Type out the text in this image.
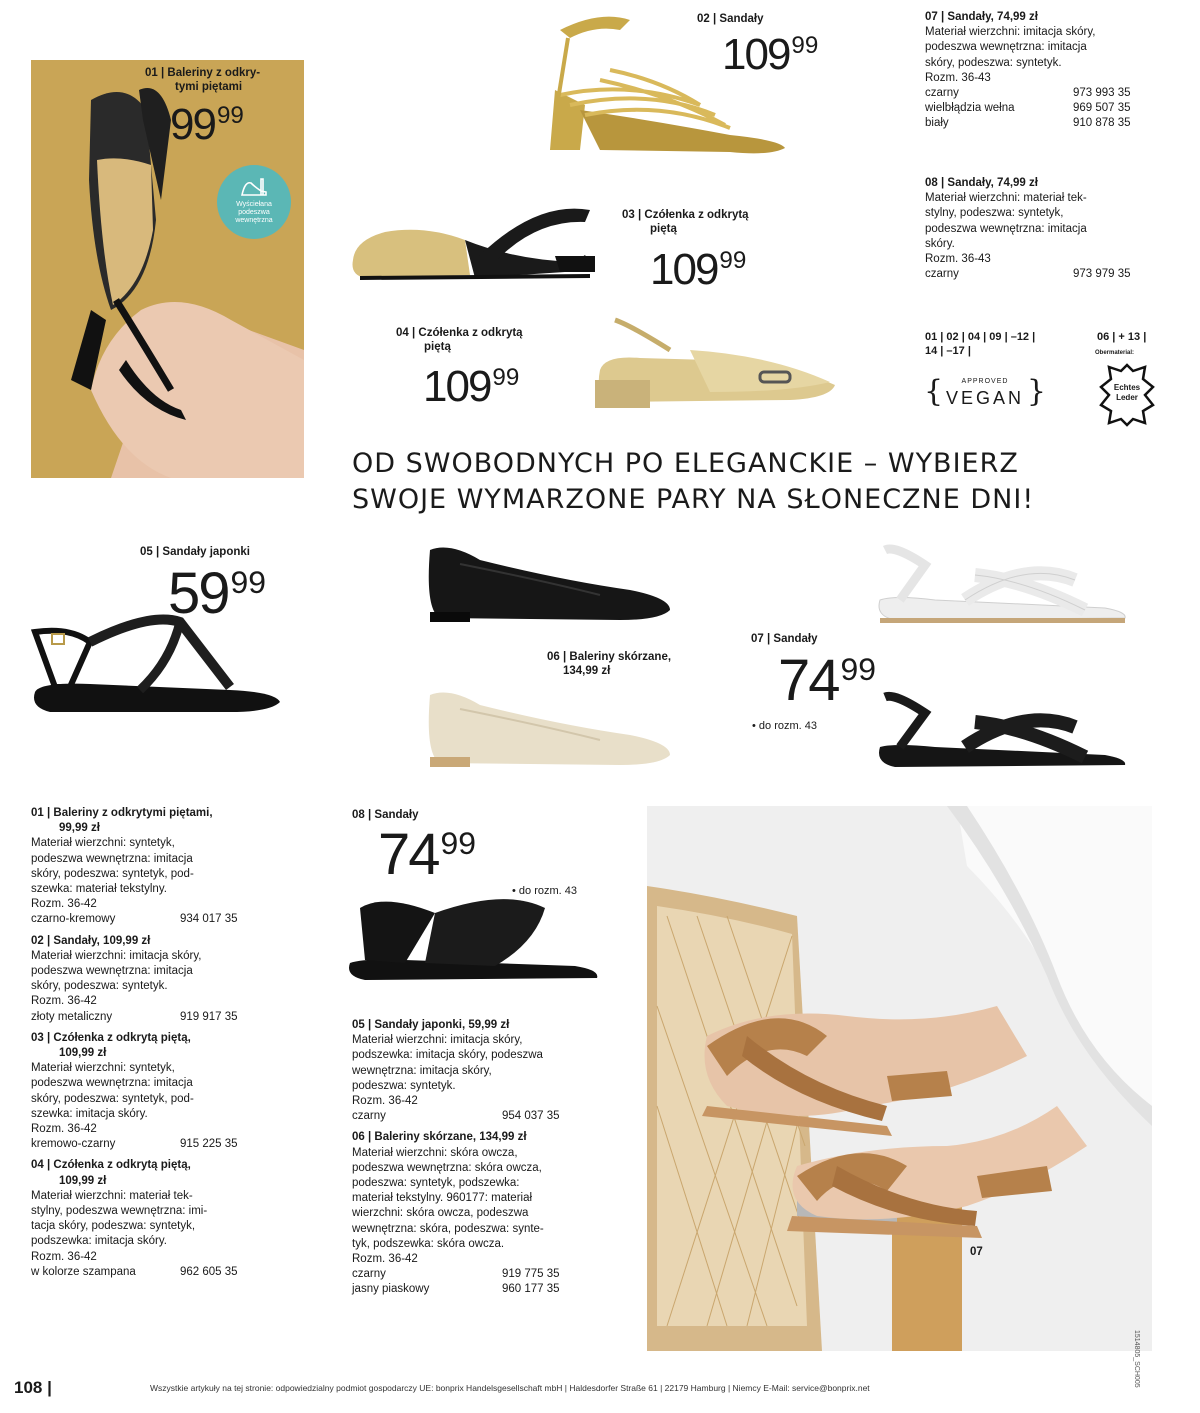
Wyściełana podeszwa wewnętrzna
01 | Baleriny z odkry-
tymi piętami
$99^{99}$
02 | Sandały
$109^{99}$
03 | Czółenka z odkrytą
piętą
$109^{99}$
04 | Czółenka z odkrytą
piętą
$109^{99}$
07 | Sandały, 74,99 zł
Materiał wierzchni: imitacja skóry,
podeszwa wewnętrzna: imitacja
skóry, podeszwa: syntetyk.
Rozm. 36-43
czarny	973 993 35
wielbłądzia wełna	969 507 35
biały	910 878 35
08 | Sandały, 74,99 zł
Materiał wierzchni: materiał tek-
stylny, podeszwa: syntetyk,
podeszwa wewnętrzna: imitacja
skóry.
Rozm. 36-43
czarny	973 979 35
01 | 02 | 04 | 09 | –12 |
14 | –17 |
{	}
APPROVED
VEGAN
06 | + 13 |
Obermaterial:
Echtes
Leder
OD SWOBODNYCH PO ELEGANCKIE – WYBIERZ
SWOJE WYMARZONE PARY NA SŁONECZNE DNI!
05 | Sandały japonki
$59^{99}$
06 | Baleriny skórzane,
134,99 zł
07 | Sandały
$74^{99}$
• do rozm. 43
08 | Sandały
$74^{99}$
• do rozm. 43
07
01 | Baleriny z odkrytymi piętami,
99,99 zł
Materiał wierzchni: syntetyk,
podeszwa wewnętrzna: imitacja
skóry, podeszwa: syntetyk, pod-
szewka: materiał tekstylny.
Rozm. 36-42
czarno-kremowy	934 017 35
02 | Sandały, 109,99 zł
Materiał wierzchni: imitacja skóry,
podeszwa wewnętrzna: imitacja
skóry, podeszwa: syntetyk.
Rozm. 36-42
złoty metaliczny	919 917 35
03 | Czółenka z odkrytą piętą,
109,99 zł
Materiał wierzchni: syntetyk,
podeszwa wewnętrzna: imitacja
skóry, podeszwa: syntetyk, pod-
szewka: imitacja skóry.
Rozm. 36-42
kremowo-czarny	915 225 35
04 | Czółenka z odkrytą piętą,
109,99 zł
Materiał wierzchni: materiał tek-
stylny, podeszwa wewnętrzna: imi-
tacja skóry, podeszwa: syntetyk,
podszewka: imitacja skóry.
Rozm. 36-42
w kolorze szampana	962 605 35
05 | Sandały japonki, 59,99 zł
Materiał wierzchni: imitacja skóry,
podszewka: imitacja skóry, podeszwa
wewnętrzna: imitacja skóry,
podeszwa: syntetyk.
Rozm. 36-42
czarny	954 037 35
06 | Baleriny skórzane, 134,99 zł
Materiał wierzchni: skóra owcza,
podeszwa wewnętrzna: skóra owcza,
podeszwa: syntetyk, podszewka:
materiał tekstylny. 960177: materiał
wierzchni: skóra owcza, podeszwa
wewnętrzna: skóra, podeszwa: synte-
tyk, podszewka: skóra owcza.
Rozm. 36-42
czarny	919 775 35
jasny piaskowy	960 177 35
108 |	Wszystkie artykuły na tej stronie: odpowiedzialny podmiot gospodarczy UE: bonprix Handelsgesellschaft mbH | Haldesdorfer Straße 61 | 22179 Hamburg | Niemcy E-Mail: service@bonprix.net
1514805_SCH005
